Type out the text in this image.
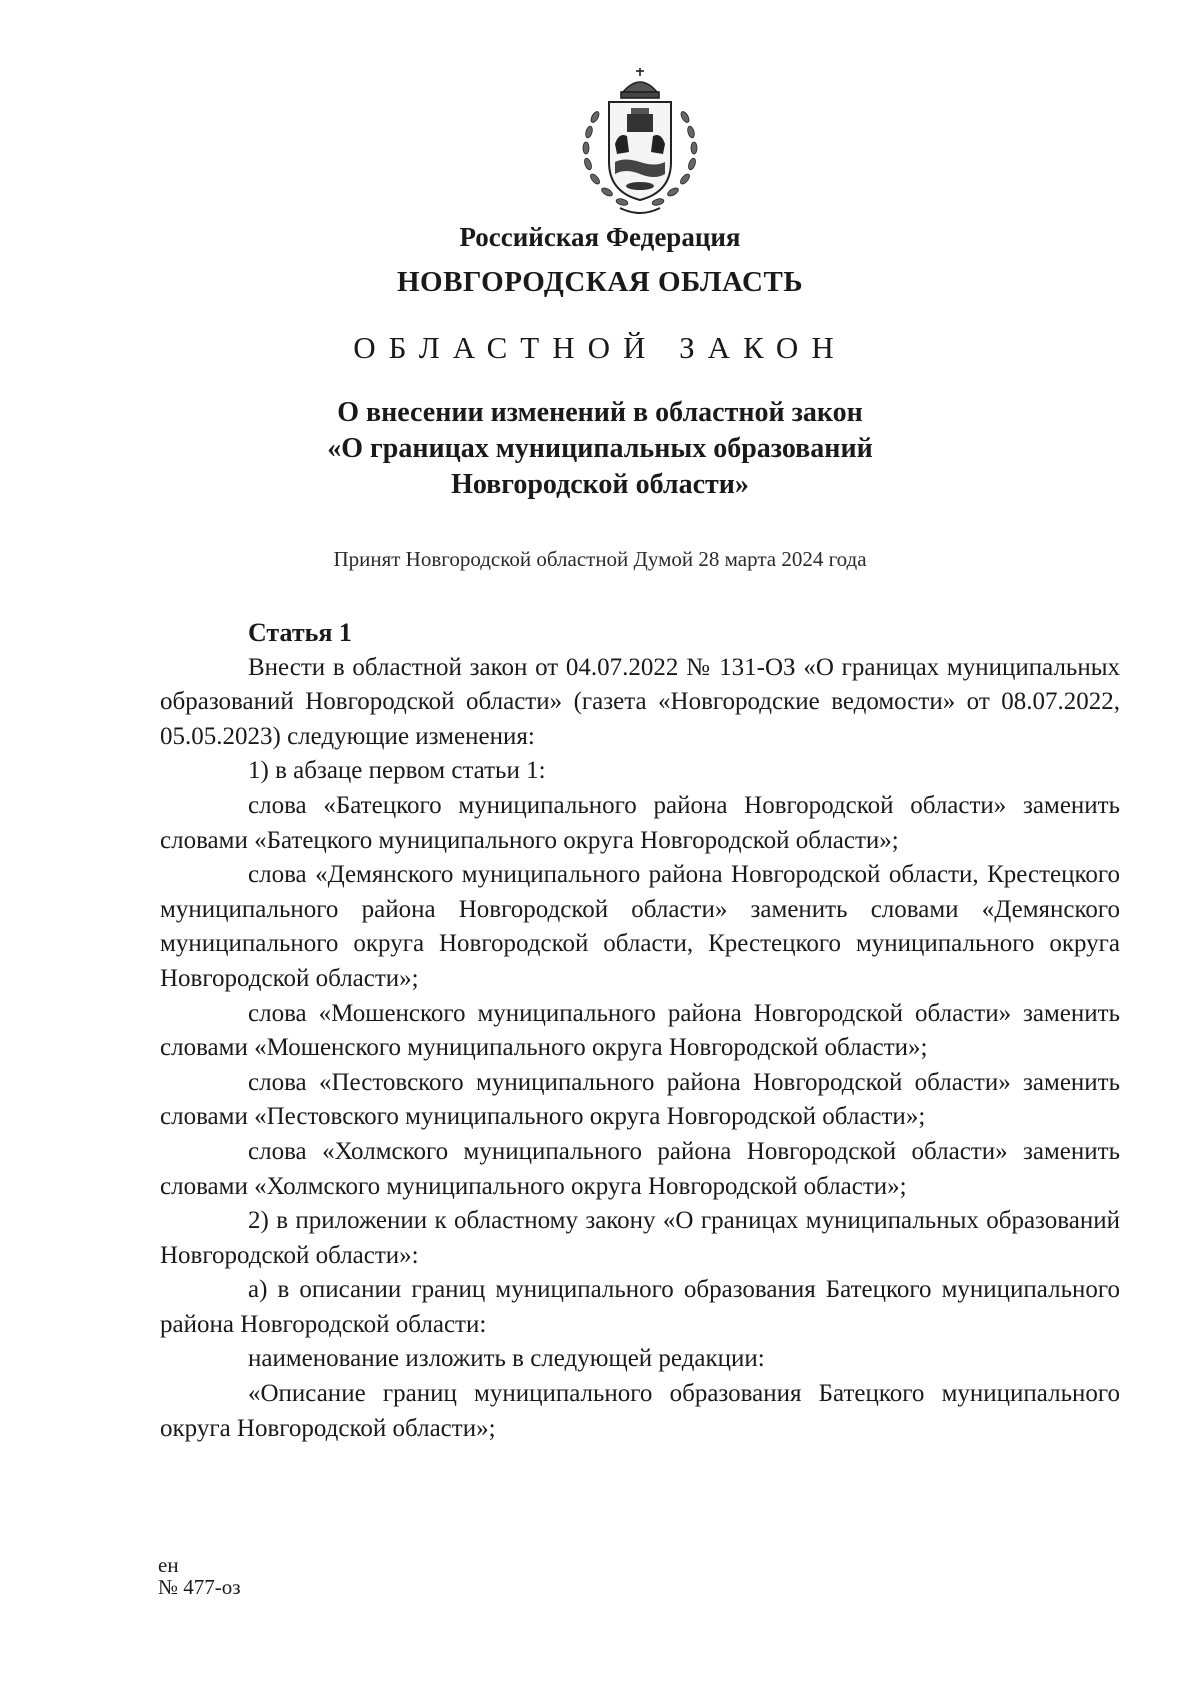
Российская Федерация
НОВГОРОДСКАЯ ОБЛАСТЬ
ОБЛАСТНОЙ ЗАКОН
О внесении изменений в областной закон
«О границах муниципальных образований
Новгородской области»
Принят Новгородской областной Думой 28 марта 2024 года
Статья 1

Внести в областной закон от 04.07.2022 № 131-ОЗ «О границах муниципальных образований Новгородской области» (газета «Новгородские ведомости» от 08.07.2022, 05.05.2023) следующие изменения:

1) в абзаце первом статьи 1:

слова «Батецкого муниципального района Новгородской области» заменить словами «Батецкого муниципального округа Новгородской области»;

слова «Демянского муниципального района Новгородской области, Крестецкого муниципального района Новгородской области» заменить словами «Демянского муниципального округа Новгородской области, Крестецкого муниципального округа Новгородской области»;

слова «Мошенского муниципального района Новгородской области» заменить словами «Мошенского муниципального округа Новгородской области»;

слова «Пестовского муниципального района Новгородской области» заменить словами «Пестовского муниципального округа Новгородской области»;

слова «Холмского муниципального района Новгородской области» заменить словами «Холмского муниципального округа Новгородской области»;

2) в приложении к областному закону «О границах муниципальных образований Новгородской области»:

а) в описании границ муниципального образования Батецкого муниципального района Новгородской области:

наименование изложить в следующей редакции:

«Описание границ муниципального образования Батецкого муниципального округа Новгородской области»;

ен
№ 477-оз
